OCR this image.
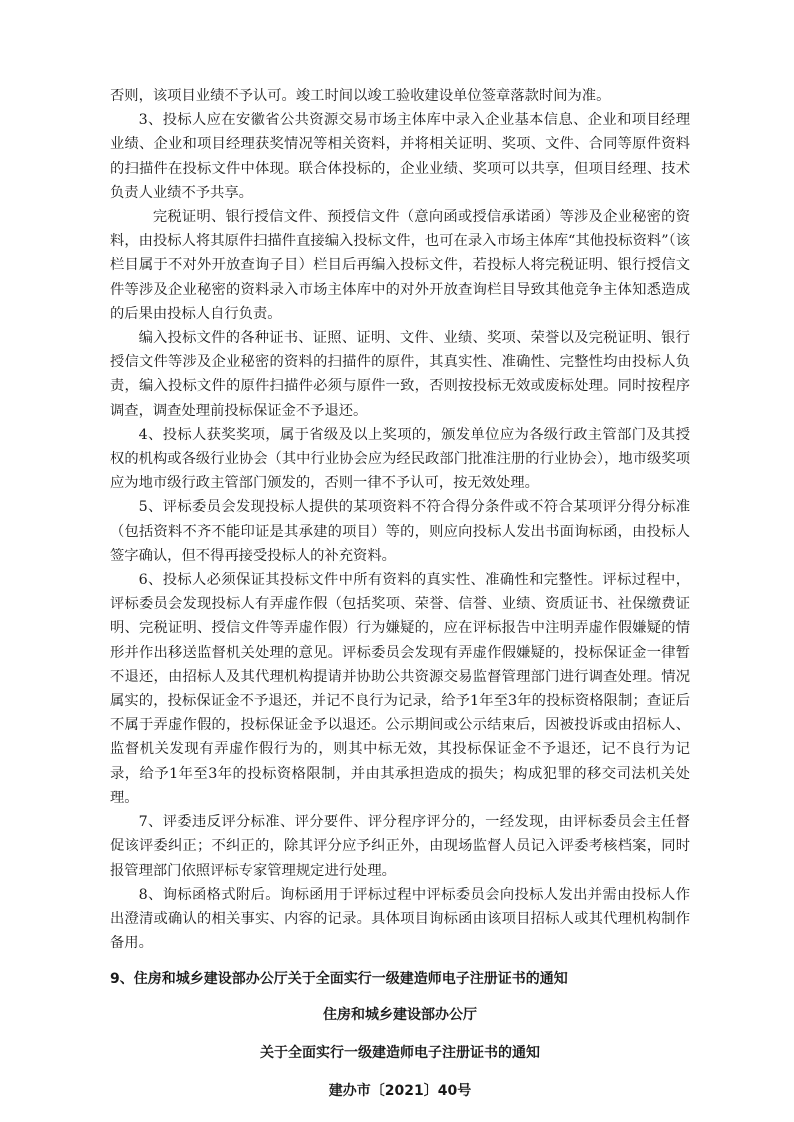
否则，该项目业绩不予认可。竣工时间以竣工验收建设单位签章落款时间为准。

3、投标人应在安徽省公共资源交易市场主体库中录入企业基本信息、企业和项目经理业绩、企业和项目经理获奖情况等相关资料，并将相关证明、奖项、文件、合同等原件资料的扫描件在投标文件中体现。联合体投标的，企业业绩、奖项可以共享，但项目经理、技术负责人业绩不予共享。

完税证明、银行授信文件、预授信文件（意向函或授信承诺函）等涉及企业秘密的资料，由投标人将其原件扫描件直接编入投标文件，也可在录入市场主体库“其他投标资料”（该栏目属于不对外开放查询子目）栏目后再编入投标文件，若投标人将完税证明、银行授信文件等涉及企业秘密的资料录入市场主体库中的对外开放查询栏目导致其他竞争主体知悉造成的后果由投标人自行负责。

编入投标文件的各种证书、证照、证明、文件、业绩、奖项、荣誉以及完税证明、银行授信文件等涉及企业秘密的资料的扫描件的原件，其真实性、准确性、完整性均由投标人负责，编入投标文件的原件扫描件必须与原件一致，否则按投标无效或废标处理。同时按程序调查，调查处理前投标保证金不予退还。

4、投标人获奖奖项，属于省级及以上奖项的，颁发单位应为各级行政主管部门及其授权的机构或各级行业协会（其中行业协会应为经民政部门批准注册的行业协会），地市级奖项应为地市级行政主管部门颁发的，否则一律不予认可，按无效处理。

5、评标委员会发现投标人提供的某项资料不符合得分条件或不符合某项评分得分标准（包括资料不齐不能印证是其承建的项目）等的，则应向投标人发出书面询标函，由投标人签字确认，但不得再接受投标人的补充资料。

6、投标人必须保证其投标文件中所有资料的真实性、准确性和完整性。评标过程中，评标委员会发现投标人有弄虚作假（包括奖项、荣誉、信誉、业绩、资质证书、社保缴费证明、完税证明、授信文件等弄虚作假）行为嫌疑的，应在评标报告中注明弄虚作假嫌疑的情形并作出移送监督机关处理的意见。评标委员会发现有弄虚作假嫌疑的，投标保证金一律暂不退还，由招标人及其代理机构提请并协助公共资源交易监督管理部门进行调查处理。情况属实的，投标保证金不予退还，并记不良行为记录，给予1年至3年的投标资格限制；查证后不属于弄虚作假的，投标保证金予以退还。公示期间或公示结束后，因被投诉或由招标人、监督机关发现有弄虚作假行为的，则其中标无效，其投标保证金不予退还，记不良行为记录，给予1年至3年的投标资格限制，并由其承担造成的损失；构成犯罪的移交司法机关处理。

7、评委违反评分标准、评分要件、评分程序评分的，一经发现，由评标委员会主任督促该评委纠正；不纠正的，除其评分应予纠正外，由现场监督人员记入评委考核档案，同时报管理部门依照评标专家管理规定进行处理。

8、询标函格式附后。询标函用于评标过程中评标委员会向投标人发出并需由投标人作出澄清或确认的相关事实、内容的记录。具体项目询标函由该项目招标人或其代理机构制作备用。

9、住房和城乡建设部办公厅关于全面实行一级建造师电子注册证书的通知

住房和城乡建设部办公厅

关于全面实行一级建造师电子注册证书的通知

建办市〔2021〕40号
